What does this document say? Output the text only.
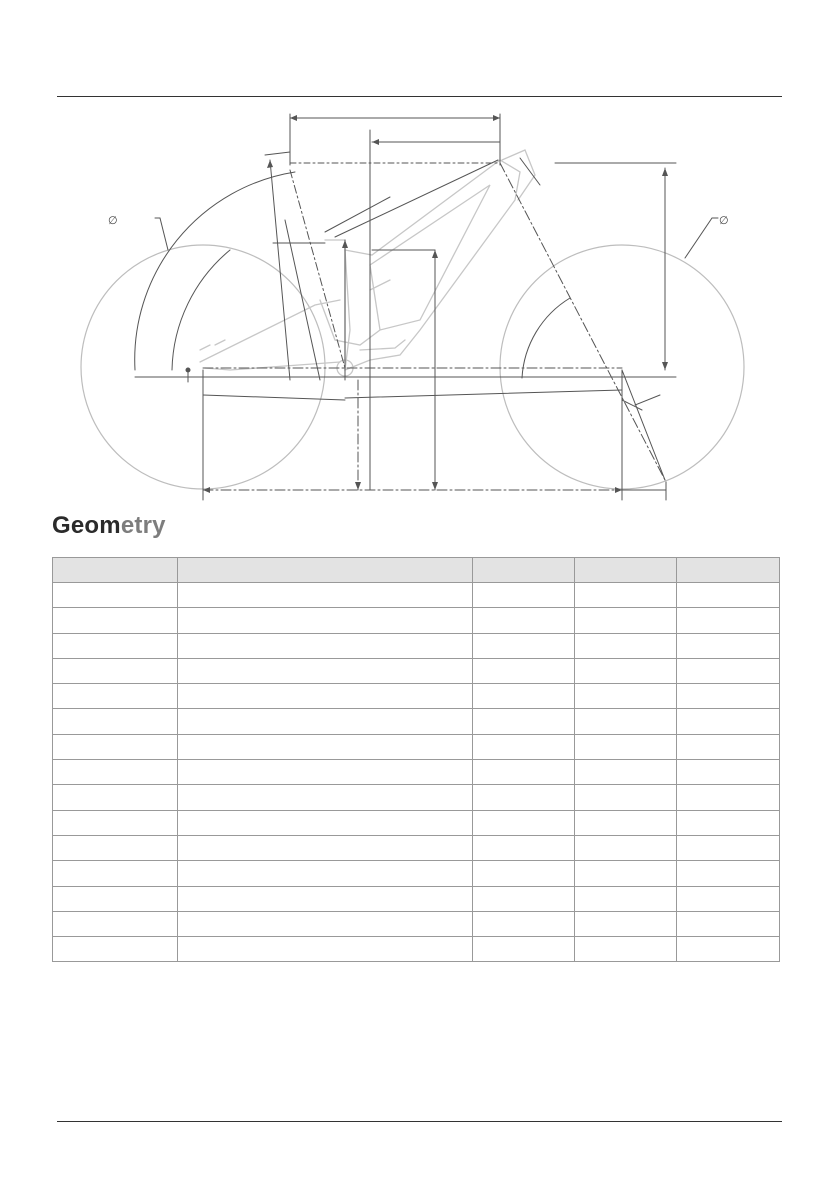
∅	∅
Geometry
